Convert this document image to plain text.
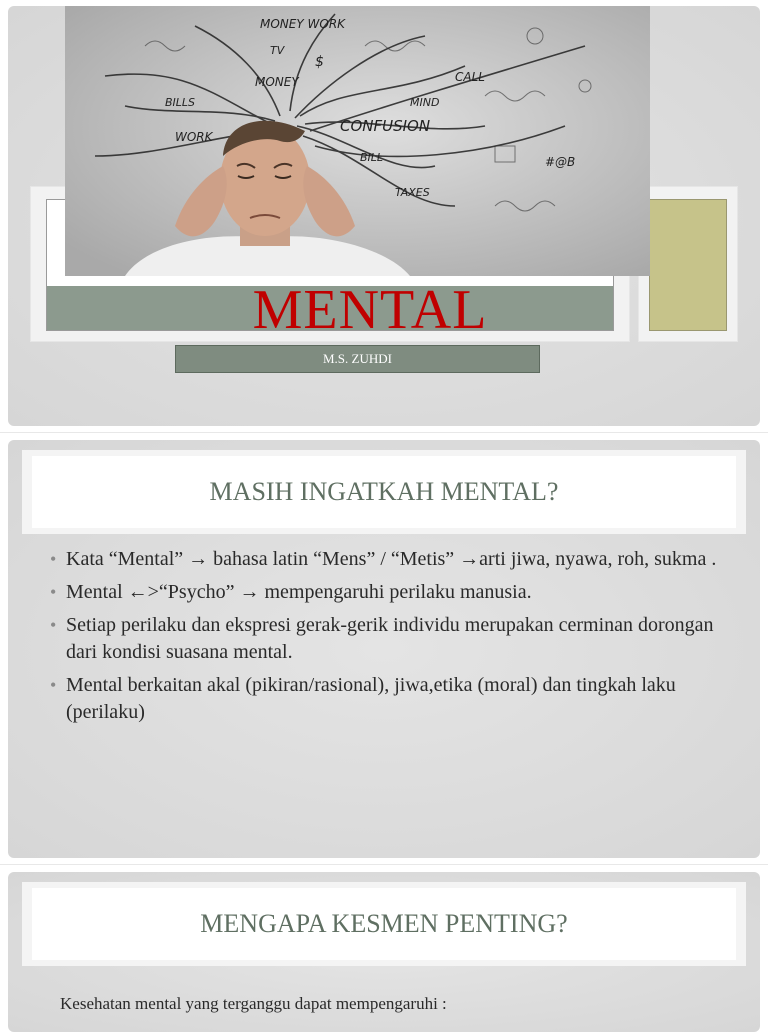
MONEY WORK
TV
MONEY
BILLS
WORK
CONFUSION
MIND
BILL
TAXES
CALL
$
#@B
MENTAL
M.S. ZUHDI
MASIH INGATKAH MENTAL?
• Kata “Mental” → bahasa latin “Mens” / “Metis” →arti jiwa, nyawa, roh, sukma .
• Mental ←>“Psycho” → mempengaruhi perilaku manusia.
• Setiap perilaku dan ekspresi gerak-gerik individu merupakan cerminan dorongan dari kondisi suasana mental.
• Mental berkaitan akal (pikiran/rasional), jiwa,etika (moral) dan tingkah laku (perilaku)
MENGAPA KESMEN PENTING?
Kesehatan mental yang terganggu dapat mempengaruhi :
